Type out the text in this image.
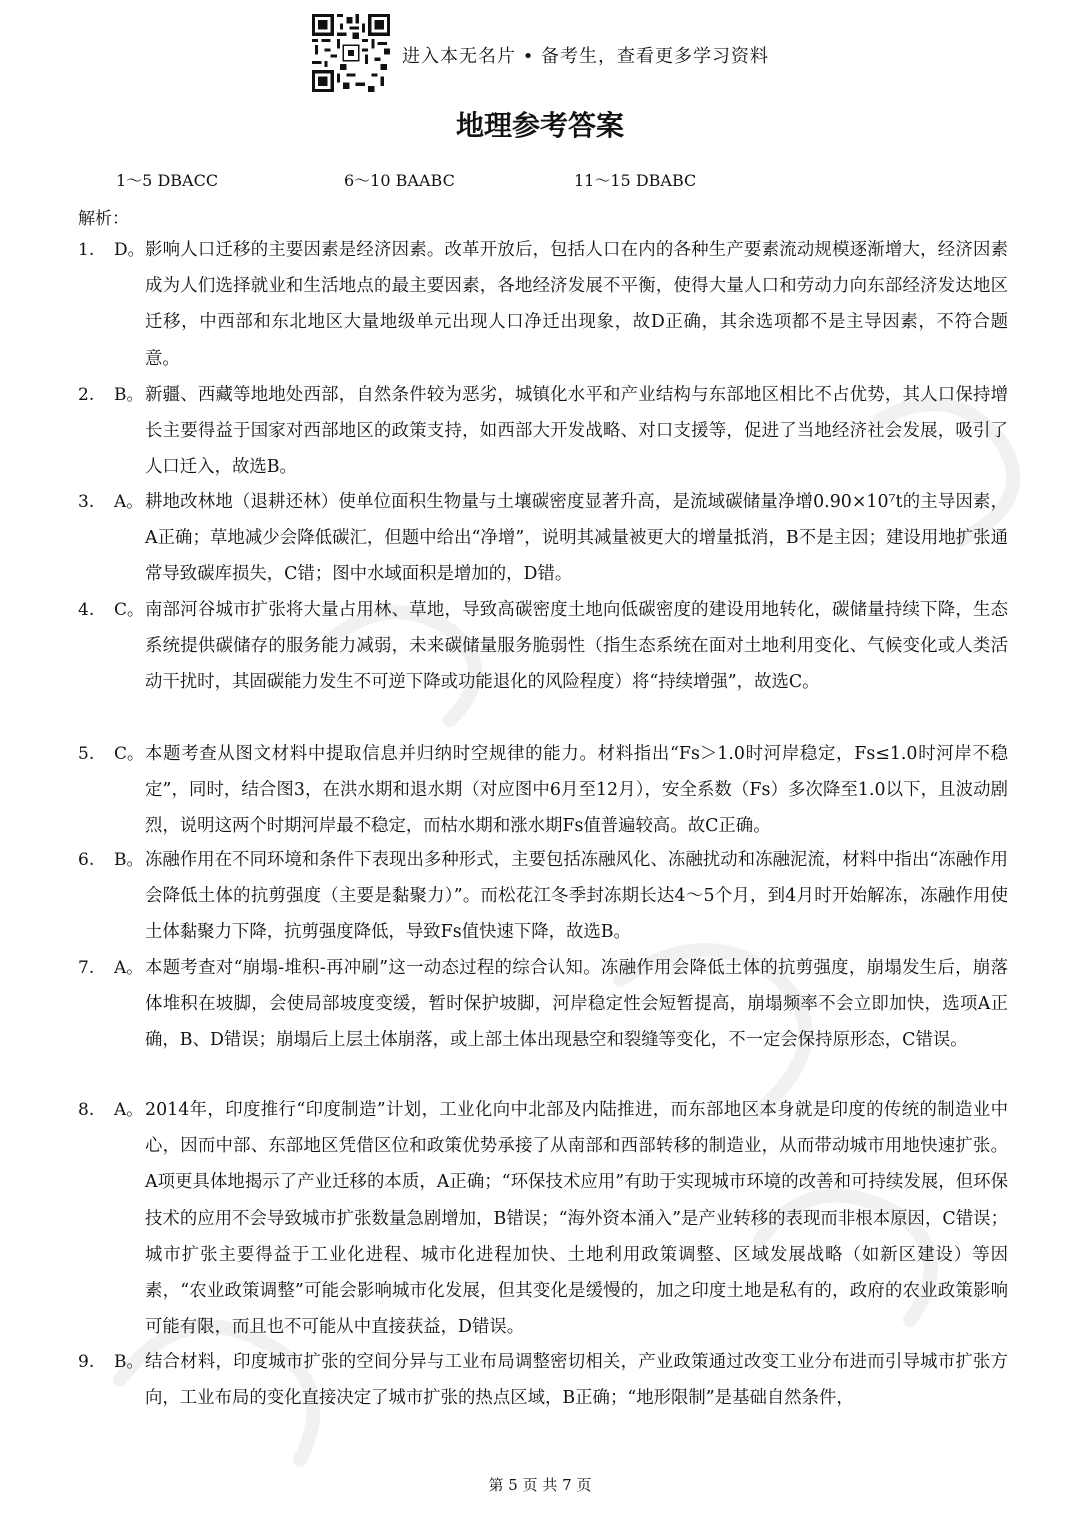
进入本无名片 • 备考生，查看更多学习资料
地理参考答案
1～5 DBACC	6～10 BAABC	11～15 DBABC
解析：
1. D。 影响人口迁移的主要因素是经济因素。改革开放后，包括人口在内的各种生产要素流动规模逐渐增大，经济因素成为人们选择就业和生活地点的最主要因素，各地经济发展不平衡，使得大量人口和劳动力向东部经济发达地区迁移，中西部和东北地区大量地级单元出现人口净迁出现象，故D正确，其余选项都不是主导因素，不符合题意。
2. B。 新疆、西藏等地地处西部，自然条件较为恶劣，城镇化水平和产业结构与东部地区相比不占优势，其人口保持增长主要得益于国家对西部地区的政策支持，如西部大开发战略、对口支援等，促进了当地经济社会发展，吸引了人口迁入，故选B。
3. A。 耕地改林地（退耕还林）使单位面积生物量与土壤碳密度显著升高，是流域碳储量净增0.90×10⁷t的主导因素，A正确；草地减少会降低碳汇，但题中给出“净增”，说明其减量被更大的增量抵消，B不是主因；建设用地扩张通常导致碳库损失，C错；图中水域面积是增加的，D错。
4. C。 南部河谷城市扩张将大量占用林、草地，导致高碳密度土地向低碳密度的建设用地转化，碳储量持续下降，生态系统提供碳储存的服务能力减弱，未来碳储量服务脆弱性（指生态系统在面对土地利用变化、气候变化或人类活动干扰时，其固碳能力发生不可逆下降或功能退化的风险程度）将“持续增强”，故选C。
5. C。 本题考查从图文材料中提取信息并归纳时空规律的能力。材料指出“Fs＞1.0时河岸稳定，Fs≤1.0时河岸不稳定”，同时，结合图3，在洪水期和退水期（对应图中6月至12月），安全系数（Fs）多次降至1.0以下，且波动剧烈，说明这两个时期河岸最不稳定，而枯水期和涨水期Fs值普遍较高。故C正确。
6. B。 冻融作用在不同环境和条件下表现出多种形式，主要包括冻融风化、冻融扰动和冻融泥流，材料中指出“冻融作用会降低土体的抗剪强度（主要是黏聚力）”。而松花江冬季封冻期长达4～5个月，到4月时开始解冻，冻融作用使土体黏聚力下降，抗剪强度降低，导致Fs值快速下降，故选B。
7. A。 本题考查对“崩塌-堆积-再冲刷”这一动态过程的综合认知。冻融作用会降低土体的抗剪强度，崩塌发生后，崩落体堆积在坡脚，会使局部坡度变缓，暂时保护坡脚，河岸稳定性会短暂提高，崩塌频率不会立即加快，选项A正确，B、D错误；崩塌后上层土体崩落，或上部土体出现悬空和裂缝等变化，不一定会保持原形态，C错误。
8. A。 2014年，印度推行“印度制造”计划，工业化向中北部及内陆推进，而东部地区本身就是印度的传统的制造业中心，因而中部、东部地区凭借区位和政策优势承接了从南部和西部转移的制造业，从而带动城市用地快速扩张。A项更具体地揭示了产业迁移的本质，A正确；“环保技术应用”有助于实现城市环境的改善和可持续发展，但环保技术的应用不会导致城市扩张数量急剧增加，B错误；“海外资本涌入”是产业转移的表现而非根本原因，C错误；城市扩张主要得益于工业化进程、城市化进程加快、土地利用政策调整、区域发展战略（如新区建设）等因素，“农业政策调整”可能会影响城市化发展，但其变化是缓慢的，加之印度土地是私有的，政府的农业政策影响可能有限，而且也不可能从中直接获益，D错误。
9. B。 结合材料，印度城市扩张的空间分异与工业布局调整密切相关，产业政策通过改变工业分布进而引导城市扩张方向，工业布局的变化直接决定了城市扩张的热点区域，B正确；“地形限制”是基础自然条件，
第 5 页 共 7 页
